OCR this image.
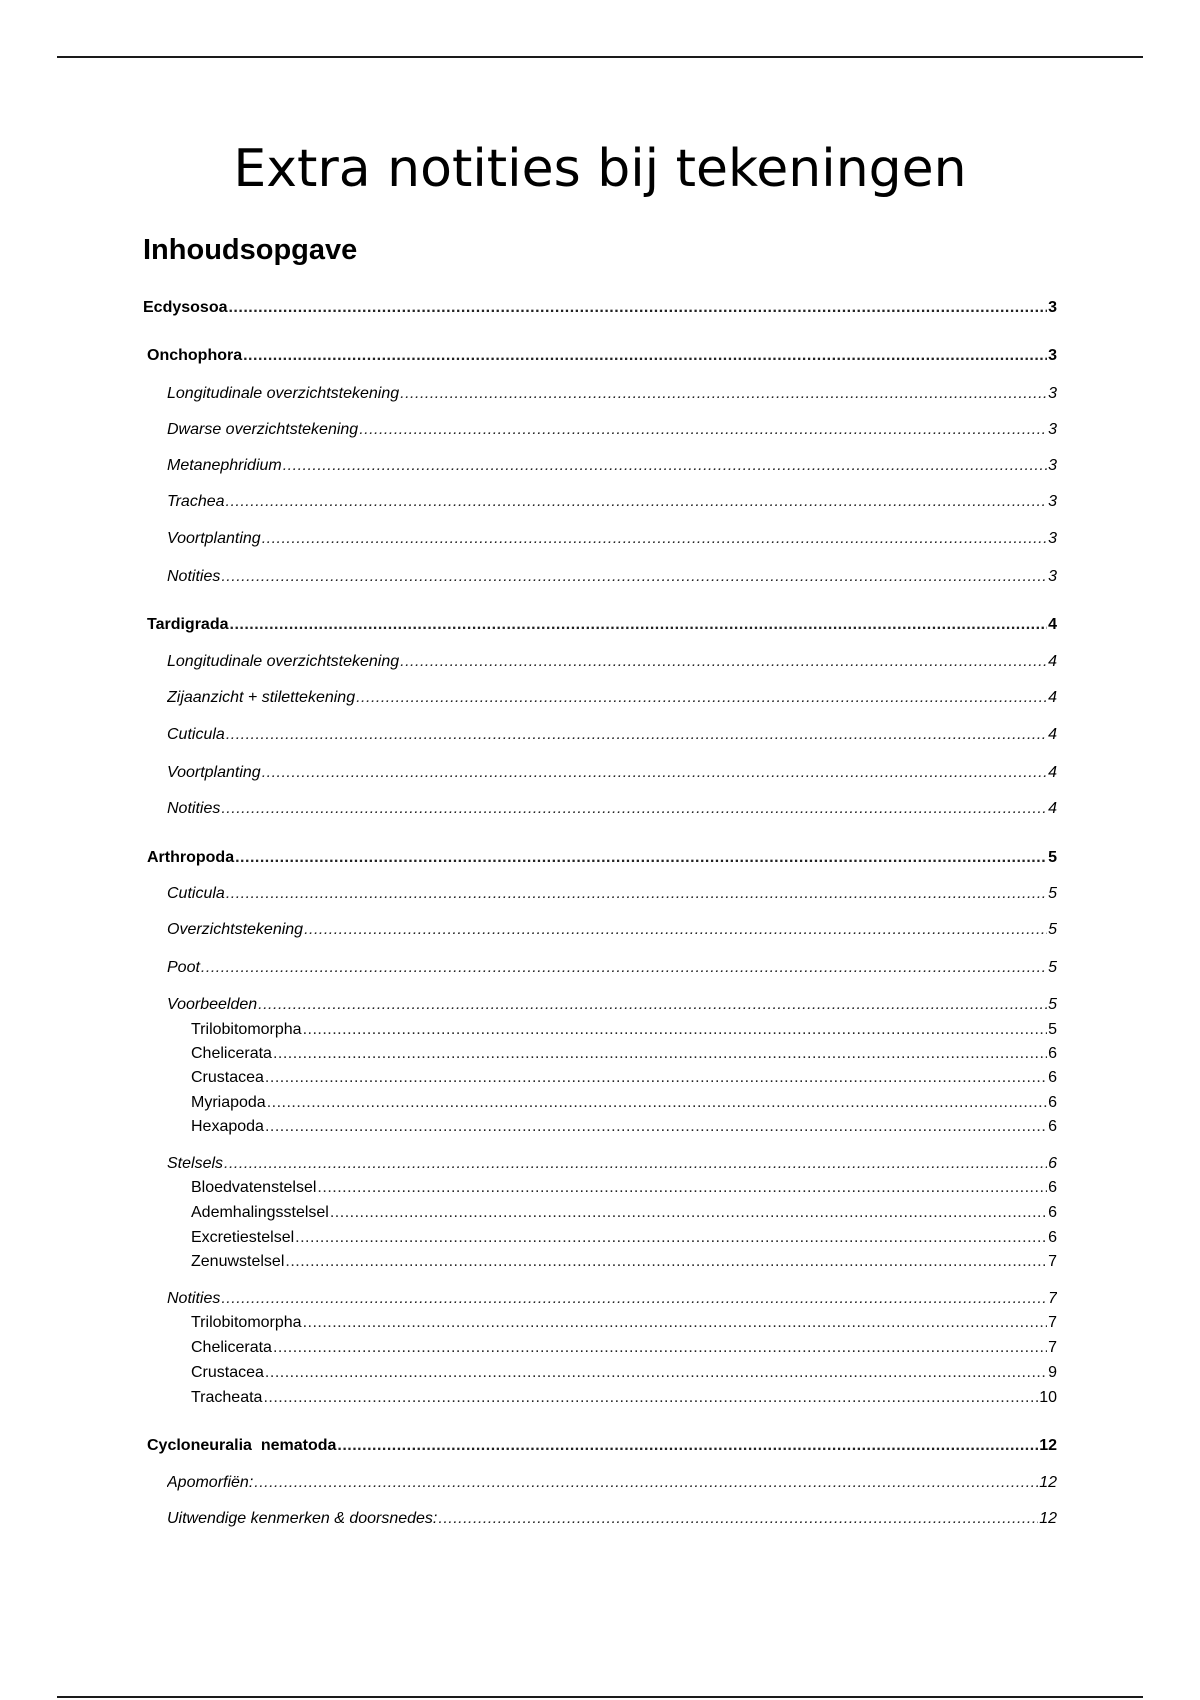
Extra notities bij tekeningen
Inhoudsopgave
Ecdysosoa .....	3
Onchophora .....	3
Longitudinale overzichtstekening .....	3
Dwarse overzichtstekening .....	3
Metanephridium .....	3
Trachea .....	3
Voortplanting .....	3
Notities .....	3
Tardigrada .....	4
Longitudinale overzichtstekening .....	4
Zijaanzicht + stilettekening .....	4
Cuticula .....	4
Voortplanting .....	4
Notities .....	4
Arthropoda .....	5
Cuticula .....	5
Overzichtstekening .....	5
Poot .....	5
Voorbeelden .....	5
Trilobitomorpha .....	5
Chelicerata .....	6
Crustacea .....	6
Myriapoda .....	6
Hexapoda .....	6
Stelsels .....	6
Bloedvatenstelsel .....	6
Ademhalingsstelsel .....	6
Excretiestelsel .....	6
Zenuwstelsel .....	7
Notities .....	7
Trilobitomorpha .....	7
Chelicerata .....	7
Crustacea .....	9
Tracheata .....	10
Cycloneuralia  nematoda .....	12
Apomorfiën: .....	12
Uitwendige kenmerken & doorsnedes: .....	12
